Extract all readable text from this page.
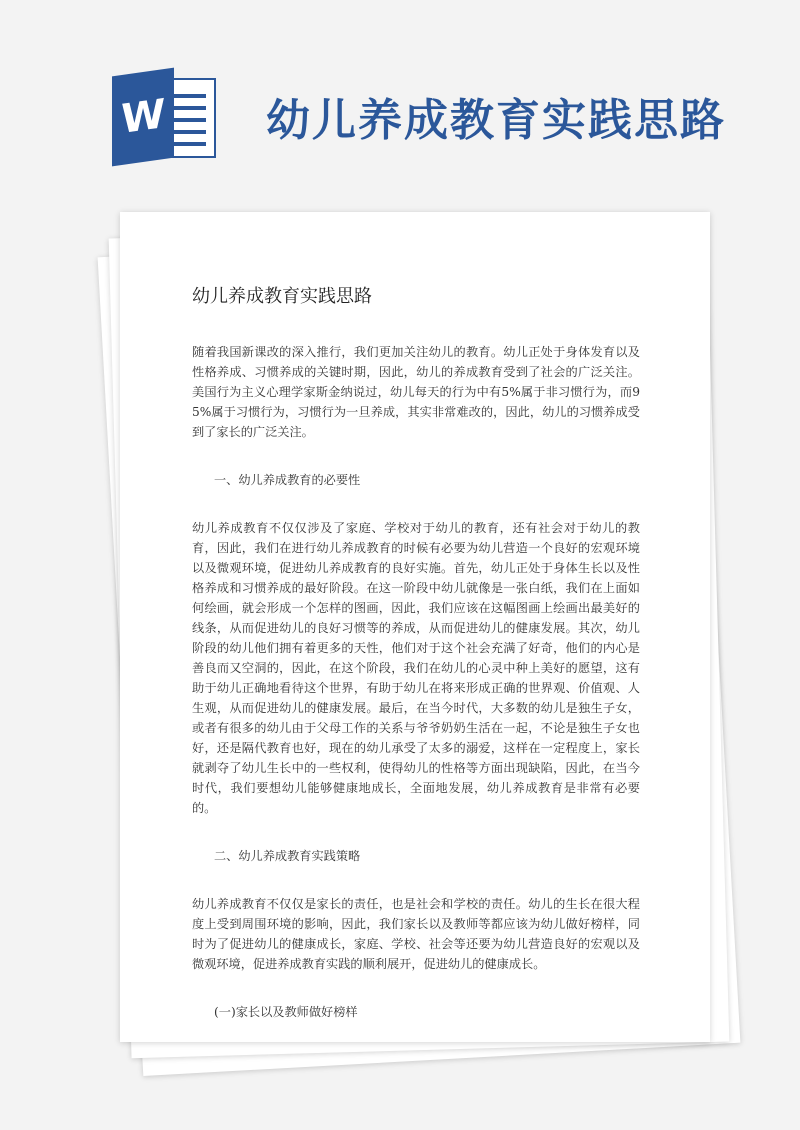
W 幼儿养成教育实践思路
幼儿养成教育实践思路

随着我国新课改的深入推行，我们更加关注幼儿的教育。幼儿正处于身体发育以及性格养成、习惯养成的关键时期，因此，幼儿的养成教育受到了社会的广泛关注。美国行为主义心理学家斯金纳说过，幼儿每天的行为中有5%属于非习惯行为，而95%属于习惯行为，习惯行为一旦养成，其实非常难改的，因此，幼儿的习惯养成受到了家长的广泛关注。

一、幼儿养成教育的必要性

幼儿养成教育不仅仅涉及了家庭、学校对于幼儿的教育，还有社会对于幼儿的教育，因此，我们在进行幼儿养成教育的时候有必要为幼儿营造一个良好的宏观环境以及微观环境，促进幼儿养成教育的良好实施。首先，幼儿正处于身体生长以及性格养成和习惯养成的最好阶段。在这一阶段中幼儿就像是一张白纸，我们在上面如何绘画，就会形成一个怎样的图画，因此，我们应该在这幅图画上绘画出最美好的线条，从而促进幼儿的良好习惯等的养成，从而促进幼儿的健康发展。其次，幼儿阶段的幼儿他们拥有着更多的天性，他们对于这个社会充满了好奇，他们的内心是善良而又空洞的，因此，在这个阶段，我们在幼儿的心灵中种上美好的愿望，这有助于幼儿正确地看待这个世界，有助于幼儿在将来形成正确的世界观、价值观、人生观，从而促进幼儿的健康发展。最后，在当今时代，大多数的幼儿是独生子女，或者有很多的幼儿由于父母工作的关系与爷爷奶奶生活在一起，不论是独生子女也好，还是隔代教育也好，现在的幼儿承受了太多的溺爱，这样在一定程度上，家长就剥夺了幼儿生长中的一些权利，使得幼儿的性格等方面出现缺陷，因此，在当今时代，我们要想幼儿能够健康地成长，全面地发展，幼儿养成教育是非常有必要的。

二、幼儿养成教育实践策略

幼儿养成教育不仅仅是家长的责任，也是社会和学校的责任。幼儿的生长在很大程度上受到周围环境的影响，因此，我们家长以及教师等都应该为幼儿做好榜样，同时为了促进幼儿的健康成长，家庭、学校、社会等还要为幼儿营造良好的宏观以及微观环境，促进养成教育实践的顺利展开，促进幼儿的健康成长。

(一)家长以及教师做好榜样
